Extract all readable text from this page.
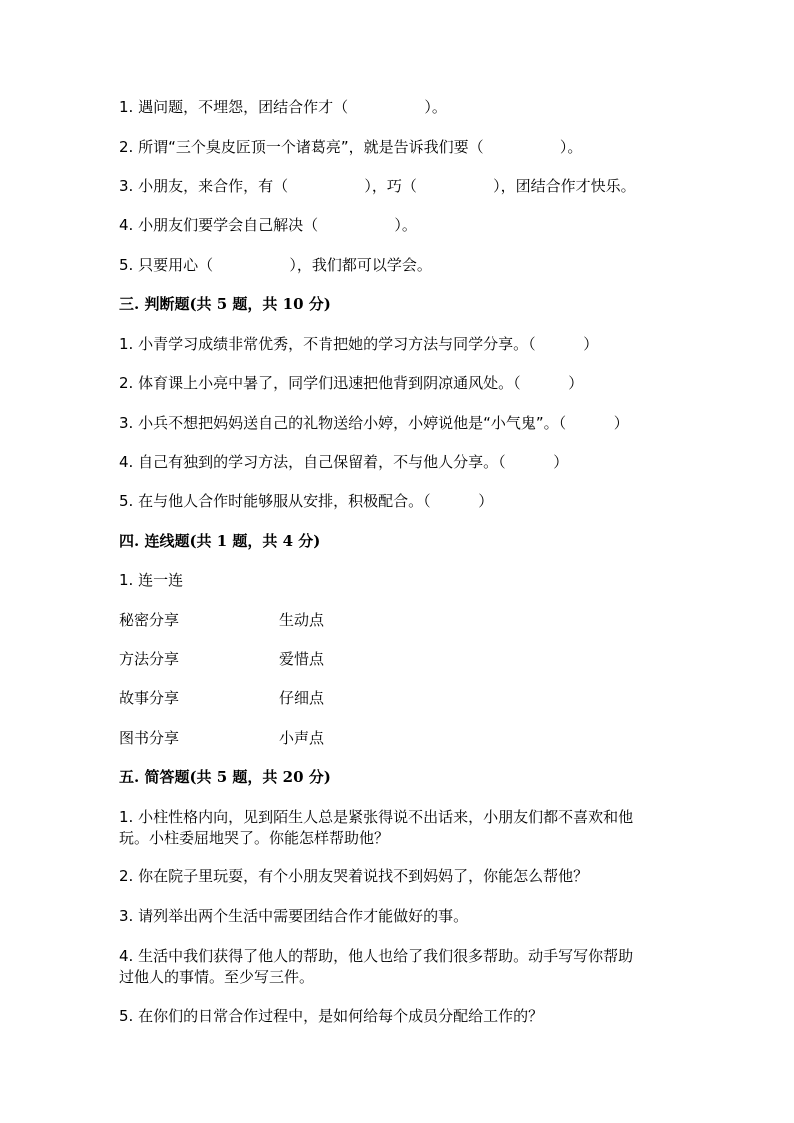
1. 遇问题，不埋怨，团结合作才（                ）。
2. 所谓“三个臭皮匠顶一个诸葛亮”，就是告诉我们要（                ）。
3. 小朋友，来合作，有（                ），巧（                ），团结合作才快乐。
4. 小朋友们要学会自己解决（                ）。
5. 只要用心（                ），我们都可以学会。
三. 判断题(共 5 题，共 10 分)
1. 小青学习成绩非常优秀，不肯把她的学习方法与同学分享。（          ）
2. 体育课上小亮中暑了，同学们迅速把他背到阴凉通风处。（          ）
3. 小兵不想把妈妈送自己的礼物送给小婷，小婷说他是“小气鬼”。（          ）
4. 自己有独到的学习方法，自己保留着，不与他人分享。（          ）
5. 在与他人合作时能够服从安排，积极配合。（          ）
四. 连线题(共 1 题，共 4 分)
1. 连一连
秘密分享	生动点
方法分享	爱惜点
故事分享	仔细点
图书分享	小声点
五. 简答题(共 5 题，共 20 分)
1. 小柱性格内向，见到陌生人总是紧张得说不出话来，小朋友们都不喜欢和他
玩。小柱委屈地哭了。你能怎样帮助他？
2. 你在院子里玩耍，有个小朋友哭着说找不到妈妈了，你能怎么帮他？
3. 请列举出两个生活中需要团结合作才能做好的事。
4. 生活中我们获得了他人的帮助，他人也给了我们很多帮助。动手写写你帮助
过他人的事情。至少写三件。
5. 在你们的日常合作过程中，是如何给每个成员分配给工作的？
